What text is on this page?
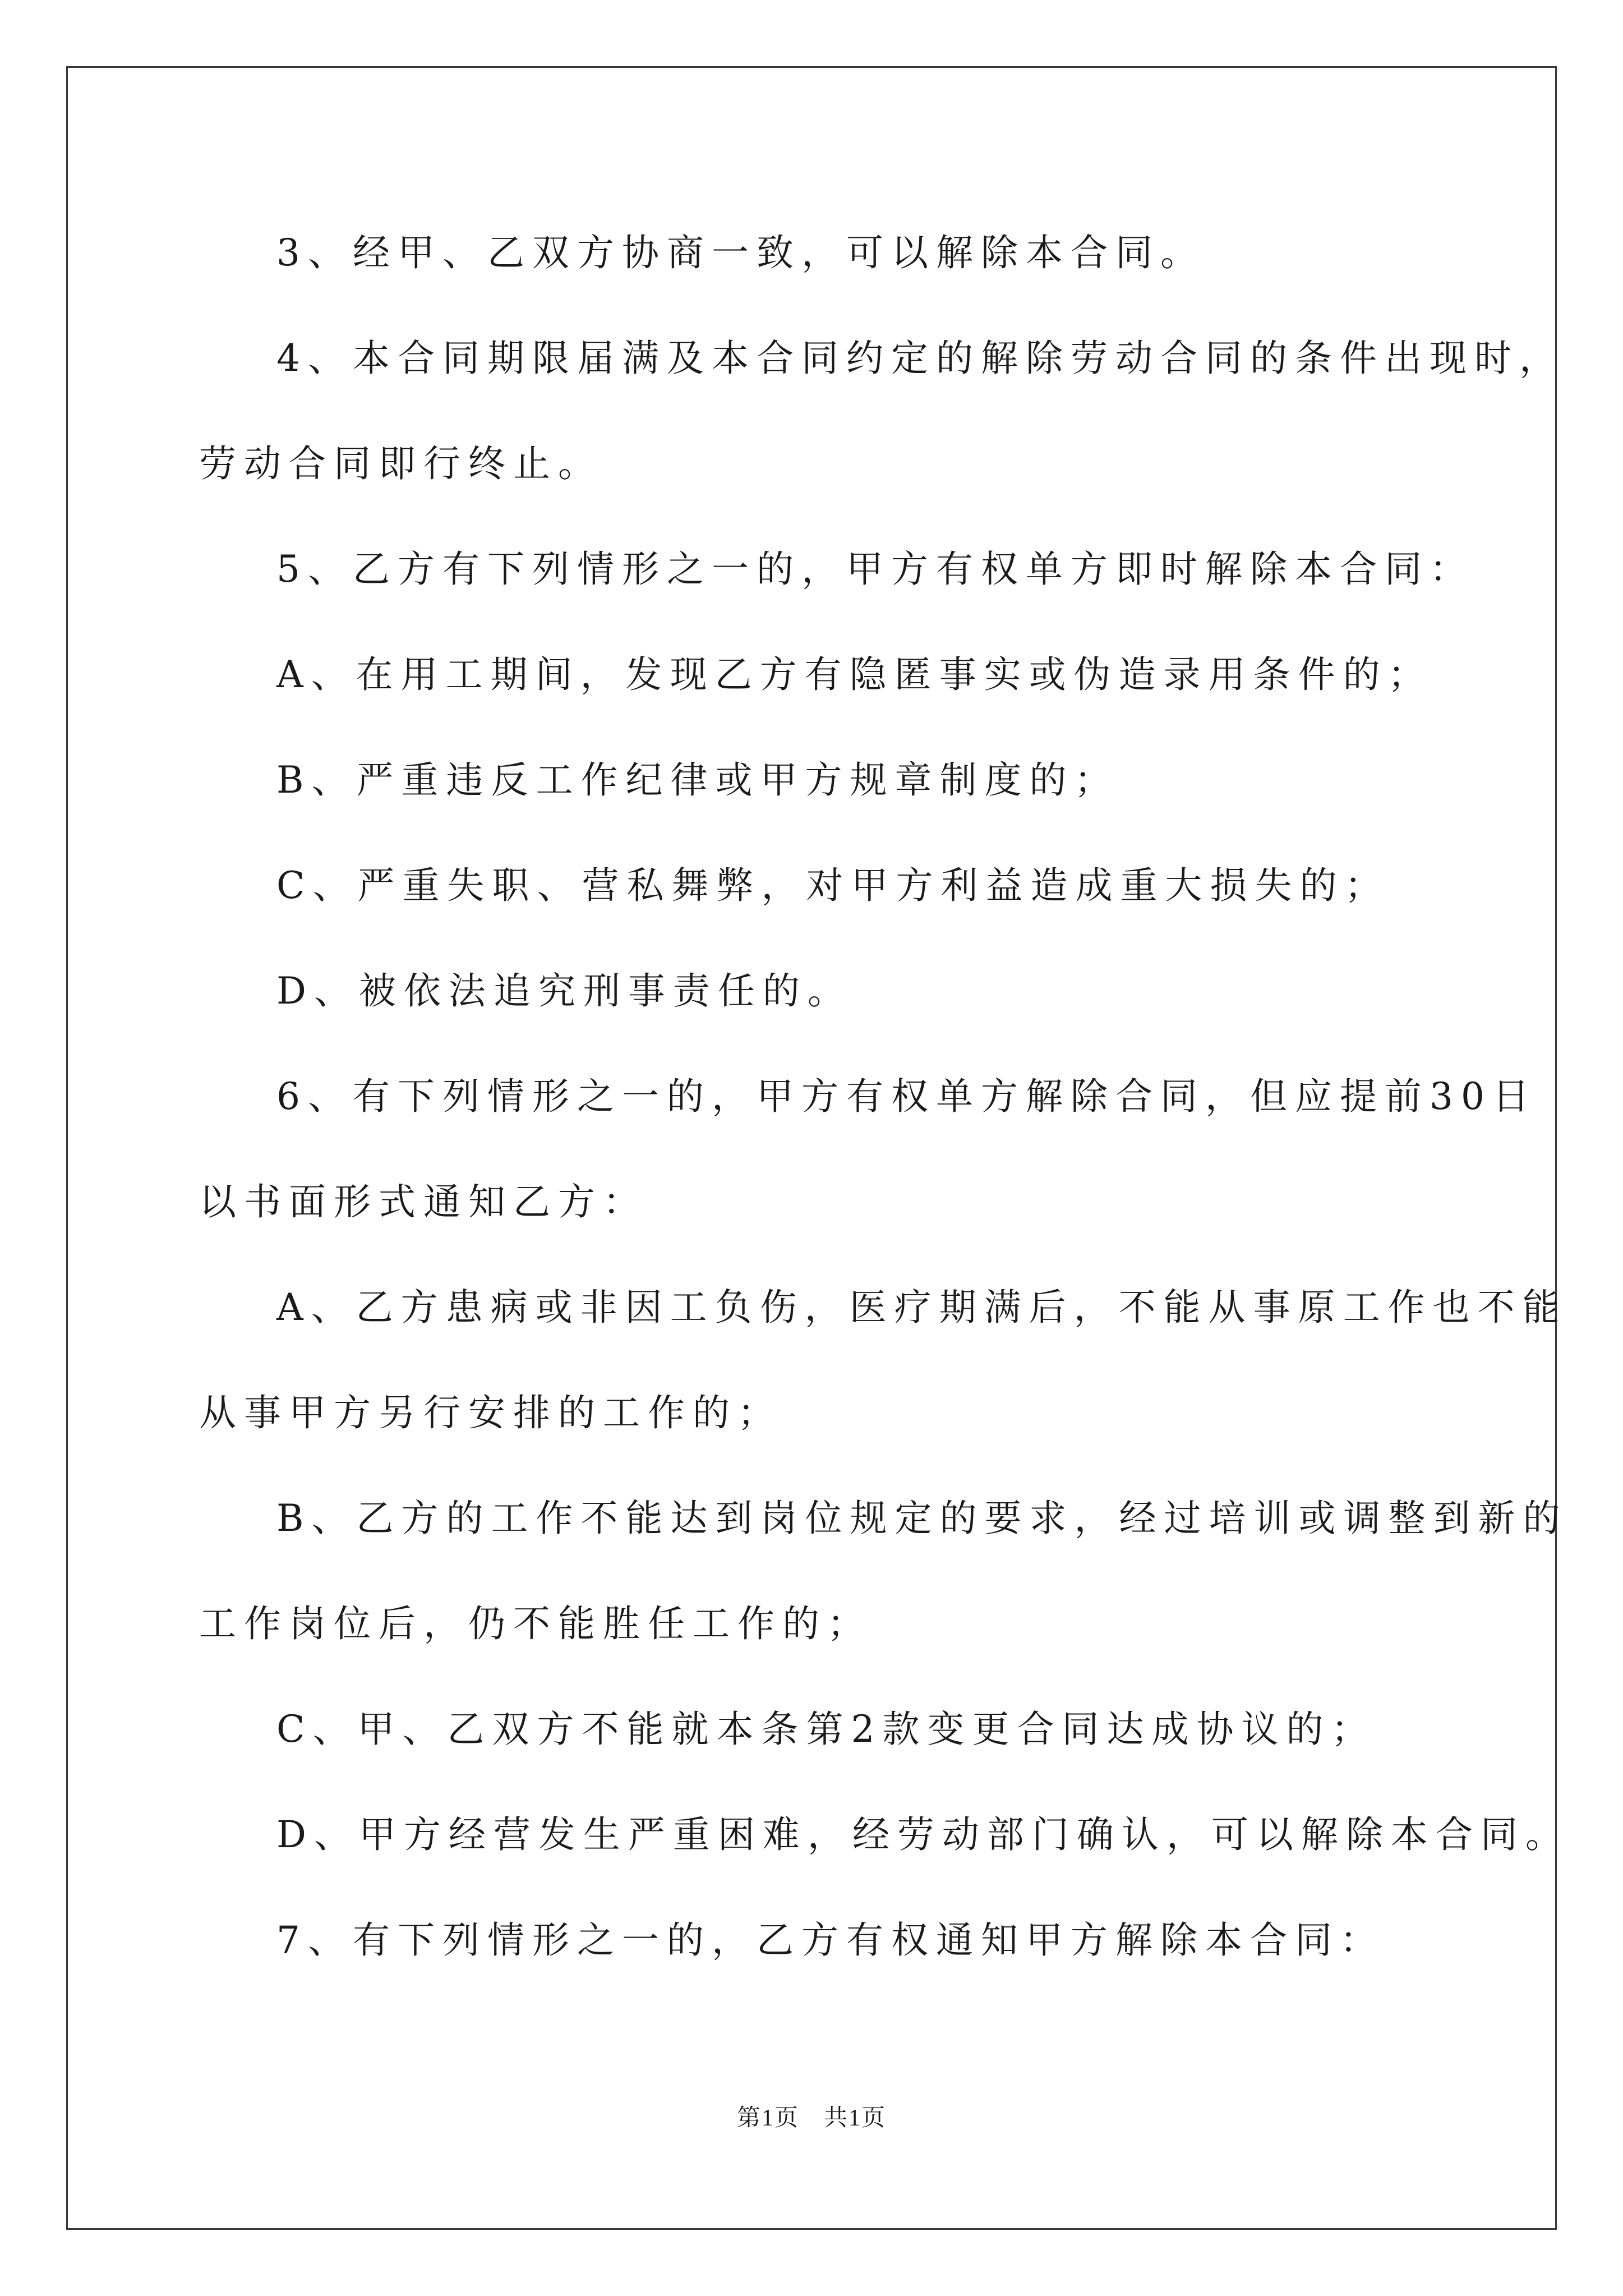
3、经甲、乙双方协商一致，可以解除本合同。
4、本合同期限届满及本合同约定的解除劳动合同的条件出现时，
劳动合同即行终止。
5、乙方有下列情形之一的，甲方有权单方即时解除本合同：
A、在用工期间，发现乙方有隐匿事实或伪造录用条件的；
B、严重违反工作纪律或甲方规章制度的；
C、严重失职、营私舞弊，对甲方利益造成重大损失的；
D、被依法追究刑事责任的。
6、有下列情形之一的，甲方有权单方解除合同，但应提前30日
以书面形式通知乙方：
A、乙方患病或非因工负伤，医疗期满后，不能从事原工作也不能
从事甲方另行安排的工作的；
B、乙方的工作不能达到岗位规定的要求，经过培训或调整到新的
工作岗位后，仍不能胜任工作的；
C、甲、乙双方不能就本条第2款变更合同达成协议的；
D、甲方经营发生严重困难，经劳动部门确认，可以解除本合同。
7、有下列情形之一的，乙方有权通知甲方解除本合同：
第1页　共1页
